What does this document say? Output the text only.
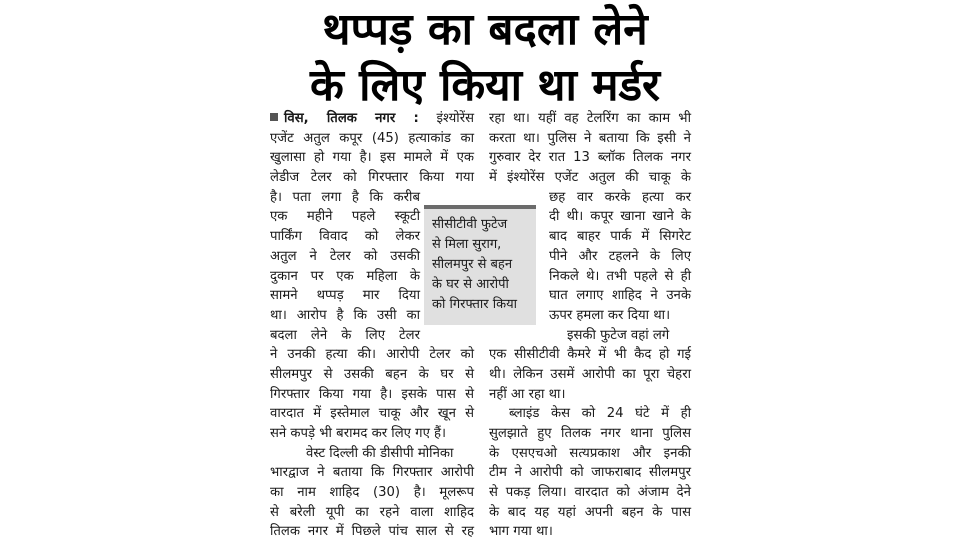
थप्पड़ का बदला लेने
के लिए किया था मर्डर
विस, तिलक नगर : इंश्योरेंस
एजेंट अतुल कपूर (45) हत्याकांड का
खुलासा हो गया है। इस मामले में एक
लेडीज टेलर को गिरफ्तार किया गया
है। पता लगा है कि करीब
एक महीने पहले स्कूटी
पार्किंग विवाद को लेकर
अतुल ने टेलर को उसकी
दुकान पर एक महिला के
सामने थप्पड़ मार दिया
था। आरोप है कि उसी का
बदला लेने के लिए टेलर
ने उनकी हत्या की। आरोपी टेलर को
सीलमपुर से उसकी बहन के घर से
गिरफ्तार किया गया है। इसके पास से
वारदात में इस्तेमाल चाकू और खून से
सने कपड़े भी बरामद कर लिए गए हैं।
वेस्ट दिल्ली की डीसीपी मोनिका
भारद्वाज ने बताया कि गिरफ्तार आरोपी
का नाम शाहिद (30) है। मूलरूप
से बरेली यूपी का रहने वाला शाहिद
तिलक नगर में पिछले पांच साल से रह
सीसीटीवी फुटेज
से मिला सुराग,
सीलमपुर से बहन
के घर से आरोपी
को गिरफ्तार किया
रहा था। यहीं वह टेलरिंग का काम भी
करता था। पुलिस ने बताया कि इसी ने
गुरुवार देर रात 13 ब्लॉक तिलक नगर
में इंश्योरेंस एजेंट अतुल की चाकू के
छह वार करके हत्या कर
दी थी। कपूर खाना खाने के
बाद बाहर पार्क में सिगरेट
पीने और टहलने के लिए
निकले थे। तभी पहले से ही
घात लगाए शाहिद ने उनके
ऊपर हमला कर दिया था।
इसकी फुटेज वहां लगे
एक सीसीटीवी कैमरे में भी कैद हो गई
थी। लेकिन उसमें आरोपी का पूरा चेहरा
नहीं आ रहा था।
ब्लाइंड केस को 24 घंटे में ही
सुलझाते हुए तिलक नगर थाना पुलिस
के एसएचओ सत्यप्रकाश और इनकी
टीम ने आरोपी को जाफराबाद सीलमपुर
से पकड़ लिया। वारदात को अंजाम देने
के बाद यह यहां अपनी बहन के पास
भाग गया था।
